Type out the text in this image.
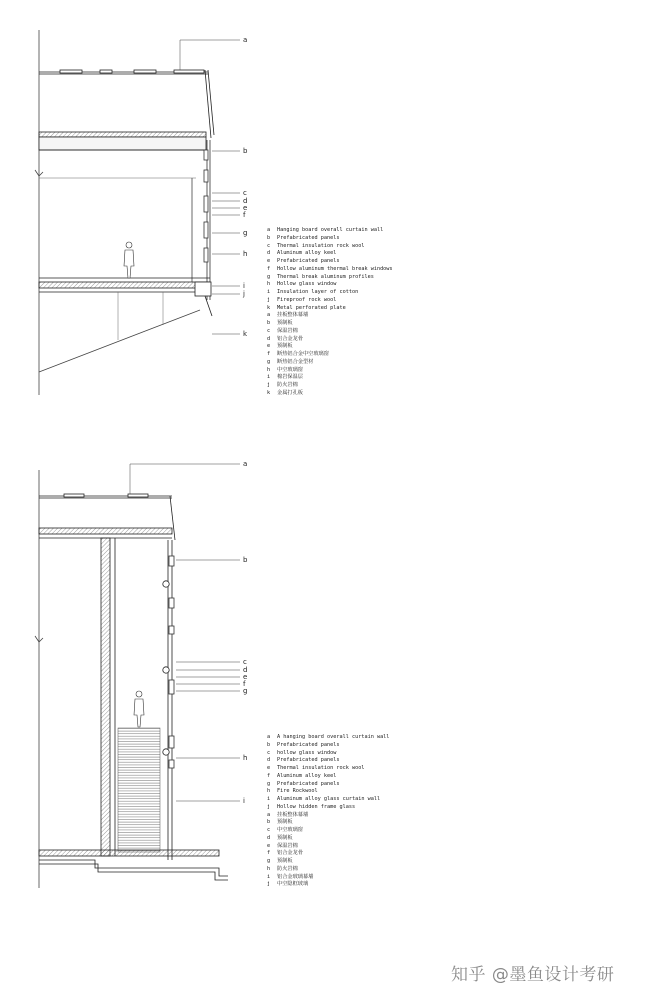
a
b
c
d
e
f
g
h
i
j
k
a
b
c
d
e
f
g
h
i
a Hanging board overall curtain wall
b Prefabricated panels
c Thermal insulation rock wool
d Aluminum alloy keel
e Prefabricated panels
f Hollow aluminum thermal break windows
g Thermal break aluminum profiles
h Hollow glass window
i Insulation layer of cotton
j Fireproof rock wool
k Metal perforated plate
a 挂板整体幕墙
b 预制板
c 保温岩棉
d 铝合金龙骨
e 预制板
f 断热铝合金中空玻璃窗
g 断热铝合金型材
h 中空玻璃窗
i 棉岩保温层
j 防火岩棉
k 金属打孔板
a A hanging board overall curtain wall
b Prefabricated panels
c hollow glass window
d Prefabricated panels
e Thermal insulation rock wool
f Aluminum alloy keel
g Prefabricated panels
h Fire Rockwool
i Aluminum alloy glass curtain wall
j Hollow hidden frame glass
a 挂板整体幕墙
b 预制板
c 中空玻璃窗
d 预制板
e 保温岩棉
f 铝合金龙骨
g 预制板
h 防火岩棉
i 铝合金玻璃幕墙
j 中空隐框玻璃
知乎 @墨鱼设计考研
